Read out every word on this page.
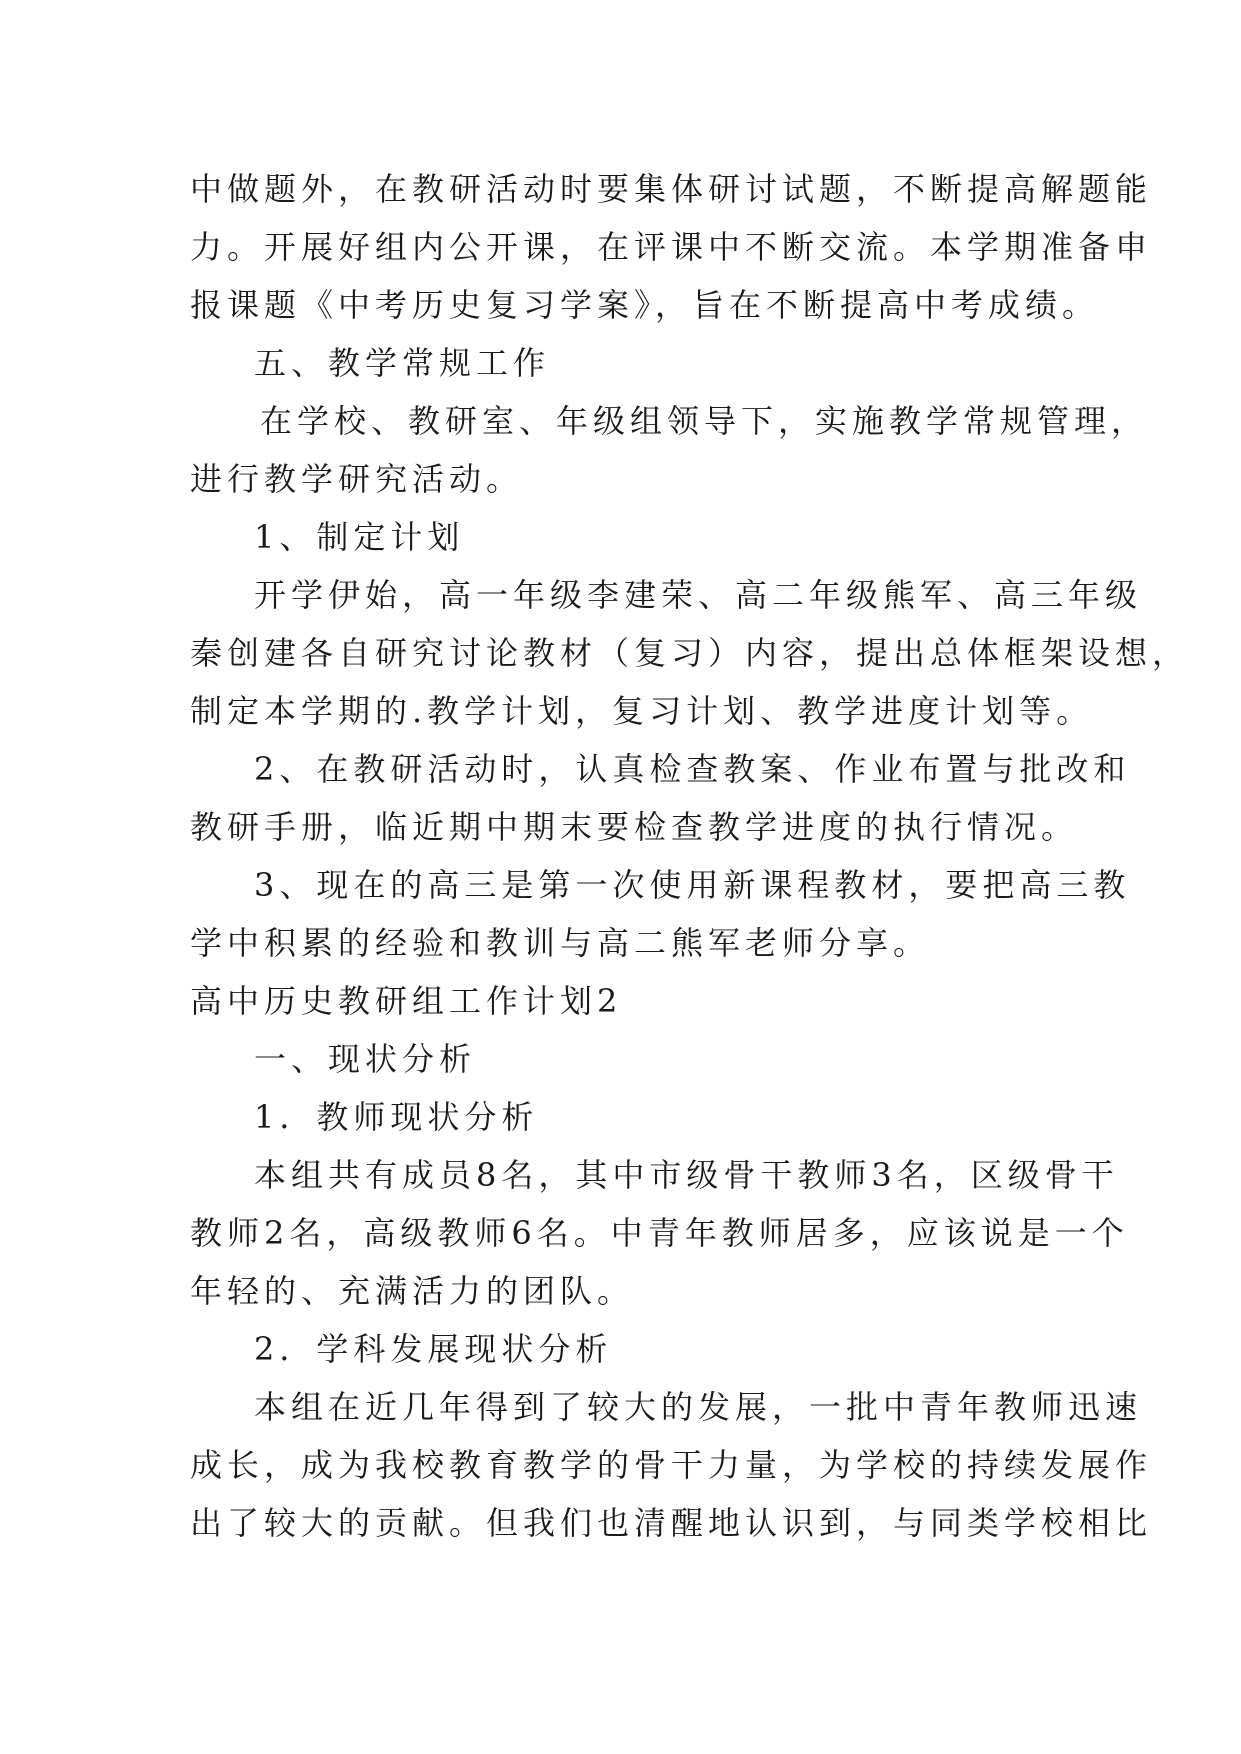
中做题外，在教研活动时要集体研讨试题，不断提高解题能
力。开展好组内公开课，在评课中不断交流。本学期准备申
报课题《中考历史复习学案》，旨在不断提高中考成绩。
五、教学常规工作
在学校、教研室、年级组领导下，实施教学常规管理，
进行教学研究活动。
1、制定计划
开学伊始，高一年级李建荣、高二年级熊军、高三年级
秦创建各自研究讨论教材（复习）内容，提出总体框架设想，
制定本学期的.教学计划，复习计划、教学进度计划等。
2、在教研活动时，认真检查教案、作业布置与批改和
教研手册，临近期中期末要检查教学进度的执行情况。
3、现在的高三是第一次使用新课程教材，要把高三教
学中积累的经验和教训与高二熊军老师分享。
高中历史教研组工作计划2
一、现状分析
1．教师现状分析
本组共有成员8名，其中市级骨干教师3名，区级骨干
教师2名，高级教师6名。中青年教师居多，应该说是一个
年轻的、充满活力的团队。
2．学科发展现状分析
本组在近几年得到了较大的发展，一批中青年教师迅速
成长，成为我校教育教学的骨干力量，为学校的持续发展作
出了较大的贡献。但我们也清醒地认识到，与同类学校相比
